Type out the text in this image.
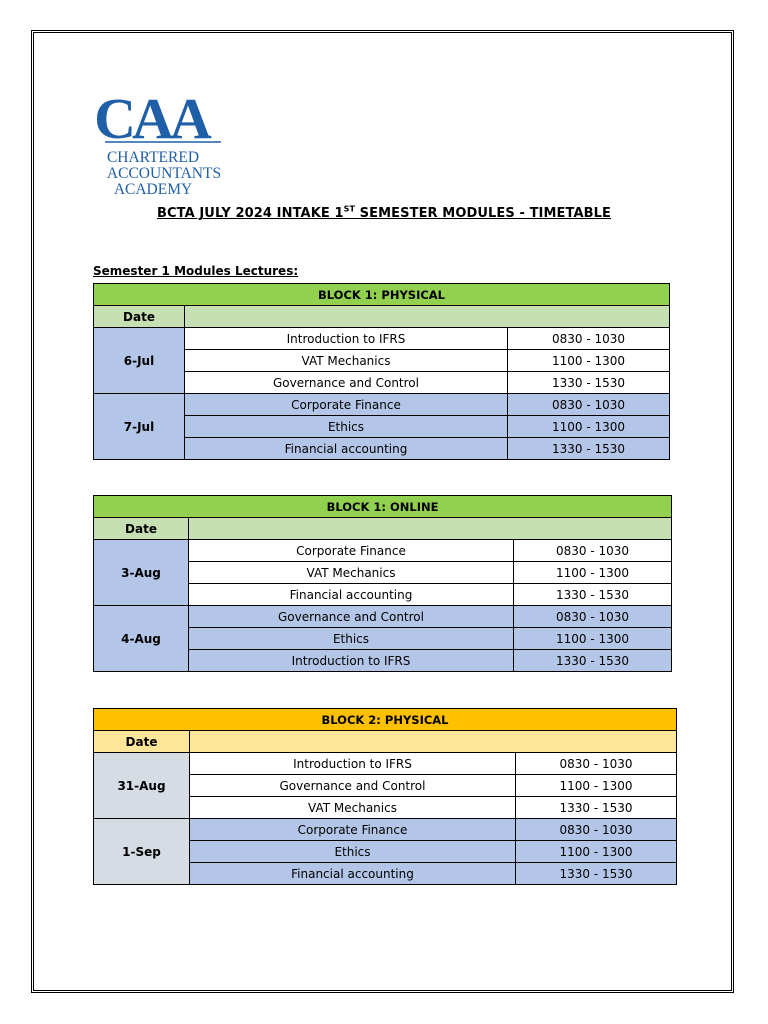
CAA
CHARTERED
ACCOUNTANTS
ACADEMY
BCTA JULY 2024 INTAKE 1ST SEMESTER MODULES - TIMETABLE
Semester 1 Modules Lectures:
BLOCK 1: PHYSICAL		
Date		
6-Jul	Introduction to IFRS	0830 - 1030
	VAT Mechanics	1100 - 1300
	Governance and Control	1330 - 1530
7-Jul	Corporate Finance	0830 - 1030
	Ethics	1100 - 1300
	Financial accounting	1330 - 1530
BLOCK 1: ONLINE		
Date		
3-Aug	Corporate Finance	0830 - 1030
	VAT Mechanics	1100 - 1300
	Financial accounting	1330 - 1530
4-Aug	Governance and Control	0830 - 1030
	Ethics	1100 - 1300
	Introduction to IFRS	1330 - 1530
BLOCK 2: PHYSICAL		
Date		
31-Aug	Introduction to IFRS	0830 - 1030
	Governance and Control	1100 - 1300
	VAT Mechanics	1330 - 1530
1-Sep	Corporate Finance	0830 - 1030
	Ethics	1100 - 1300
	Financial accounting	1330 - 1530
